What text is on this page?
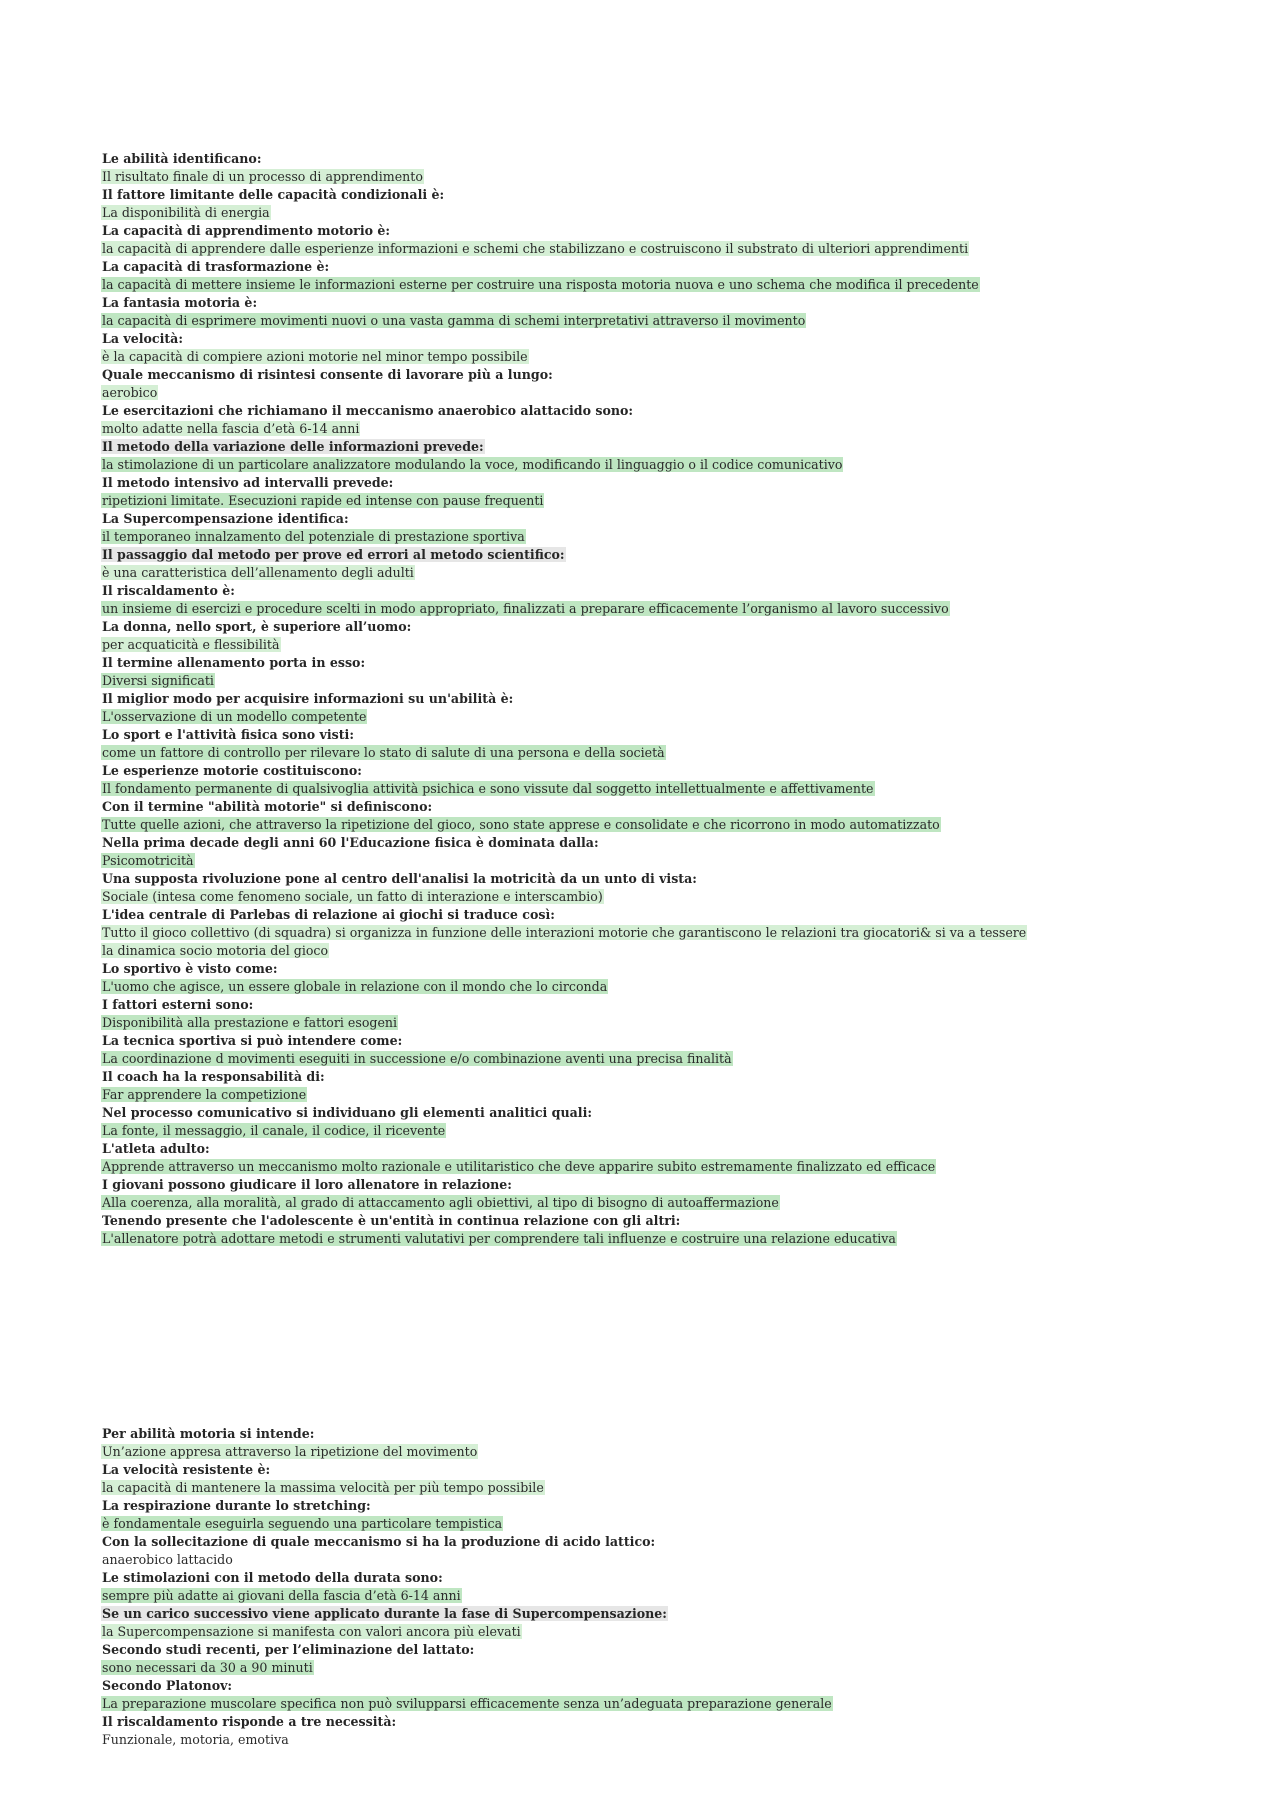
Le abilità identificano:
Il risultato finale di un processo di apprendimento
Il fattore limitante delle capacità condizionali è:
La disponibilità di energia
La capacità di apprendimento motorio è:
la capacità di apprendere dalle esperienze informazioni e schemi che stabilizzano e costruiscono il substrato di ulteriori apprendimenti
La capacità di trasformazione è:
la capacità di mettere insieme le informazioni esterne per costruire una risposta motoria nuova e uno schema che modifica il precedente
La fantasia motoria è:
la capacità di esprimere movimenti nuovi o una vasta gamma di schemi interpretativi attraverso il movimento
La velocità:
è la capacità di compiere azioni motorie nel minor tempo possibile
Quale meccanismo di risintesi consente di lavorare più a lungo:
aerobico
Le esercitazioni che richiamano il meccanismo anaerobico alattacido sono:
molto adatte nella fascia d’età 6-14 anni
Il metodo della variazione delle informazioni prevede:
la stimolazione di un particolare analizzatore modulando la voce, modificando il linguaggio o il codice comunicativo
Il metodo intensivo ad intervalli prevede:
ripetizioni limitate. Esecuzioni rapide ed intense con pause frequenti
La Supercompensazione identifica:
il temporaneo innalzamento del potenziale di prestazione sportiva
Il passaggio dal metodo per prove ed errori al metodo scientifico:
è una caratteristica dell’allenamento degli adulti
Il riscaldamento è:
un insieme di esercizi e procedure scelti in modo appropriato, finalizzati a preparare efficacemente l’organismo al lavoro successivo
La donna, nello sport, è superiore all’uomo:
per acquaticità e flessibilità
Il termine allenamento porta in esso:
Diversi significati
Il miglior modo per acquisire informazioni su un'abilità è:
L'osservazione di un modello competente
Lo sport e l'attività fisica sono visti:
come un fattore di controllo per rilevare lo stato di salute di una persona e della società
Le esperienze motorie costituiscono:
Il fondamento permanente di qualsivoglia attività psichica e sono vissute dal soggetto intellettualmente e affettivamente
Con il termine "abilità motorie" si definiscono:
Tutte quelle azioni, che attraverso la ripetizione del gioco, sono state apprese e consolidate e che ricorrono in modo automatizzato
Nella prima decade degli anni 60 l'Educazione fisica è dominata dalla:
Psicomotricità
Una supposta rivoluzione pone al centro dell'analisi la motricità da un unto di vista:
Sociale (intesa come fenomeno sociale, un fatto di interazione e interscambio)
L'idea centrale di Parlebas di relazione ai giochi si traduce così:
Tutto il gioco collettivo (di squadra) si organizza in funzione delle interazioni motorie che garantiscono le relazioni tra giocatori& si va a tessere
la dinamica socio motoria del gioco
Lo sportivo è visto come:
L'uomo che agisce, un essere globale in relazione con il mondo che lo circonda
I fattori esterni sono:
Disponibilità alla prestazione e fattori esogeni
La tecnica sportiva si può intendere come:
La coordinazione d movimenti eseguiti in successione e/o combinazione aventi una precisa finalità
Il coach ha la responsabilità di:
Far apprendere la competizione
Nel processo comunicativo si individuano gli elementi analitici quali:
La fonte, il messaggio, il canale, il codice, il ricevente
L'atleta adulto:
Apprende attraverso un meccanismo molto razionale e utilitaristico che deve apparire subito estremamente finalizzato ed efficace
I giovani possono giudicare il loro allenatore in relazione:
Alla coerenza, alla moralità, al grado di attaccamento agli obiettivi, al tipo di bisogno di autoaffermazione
Tenendo presente che l'adolescente è un'entità in continua relazione con gli altri:
L'allenatore potrà adottare metodi e strumenti valutativi per comprendere tali influenze e costruire una relazione educativa
Per abilità motoria si intende:
Un’azione appresa attraverso la ripetizione del movimento
La velocità resistente è:
la capacità di mantenere la massima velocità per più tempo possibile
La respirazione durante lo stretching:
è fondamentale eseguirla seguendo una particolare tempistica
Con la sollecitazione di quale meccanismo si ha la produzione di acido lattico:
anaerobico lattacido
Le stimolazioni con il metodo della durata sono:
sempre più adatte ai giovani della fascia d’età 6-14 anni
Se un carico successivo viene applicato durante la fase di Supercompensazione:
la Supercompensazione si manifesta con valori ancora più elevati
Secondo studi recenti, per l’eliminazione del lattato:
sono necessari da 30 a 90 minuti
Secondo Platonov:
La preparazione muscolare specifica non può svilupparsi efficacemente senza un’adeguata preparazione generale
Il riscaldamento risponde a tre necessità:
Funzionale, motoria, emotiva
